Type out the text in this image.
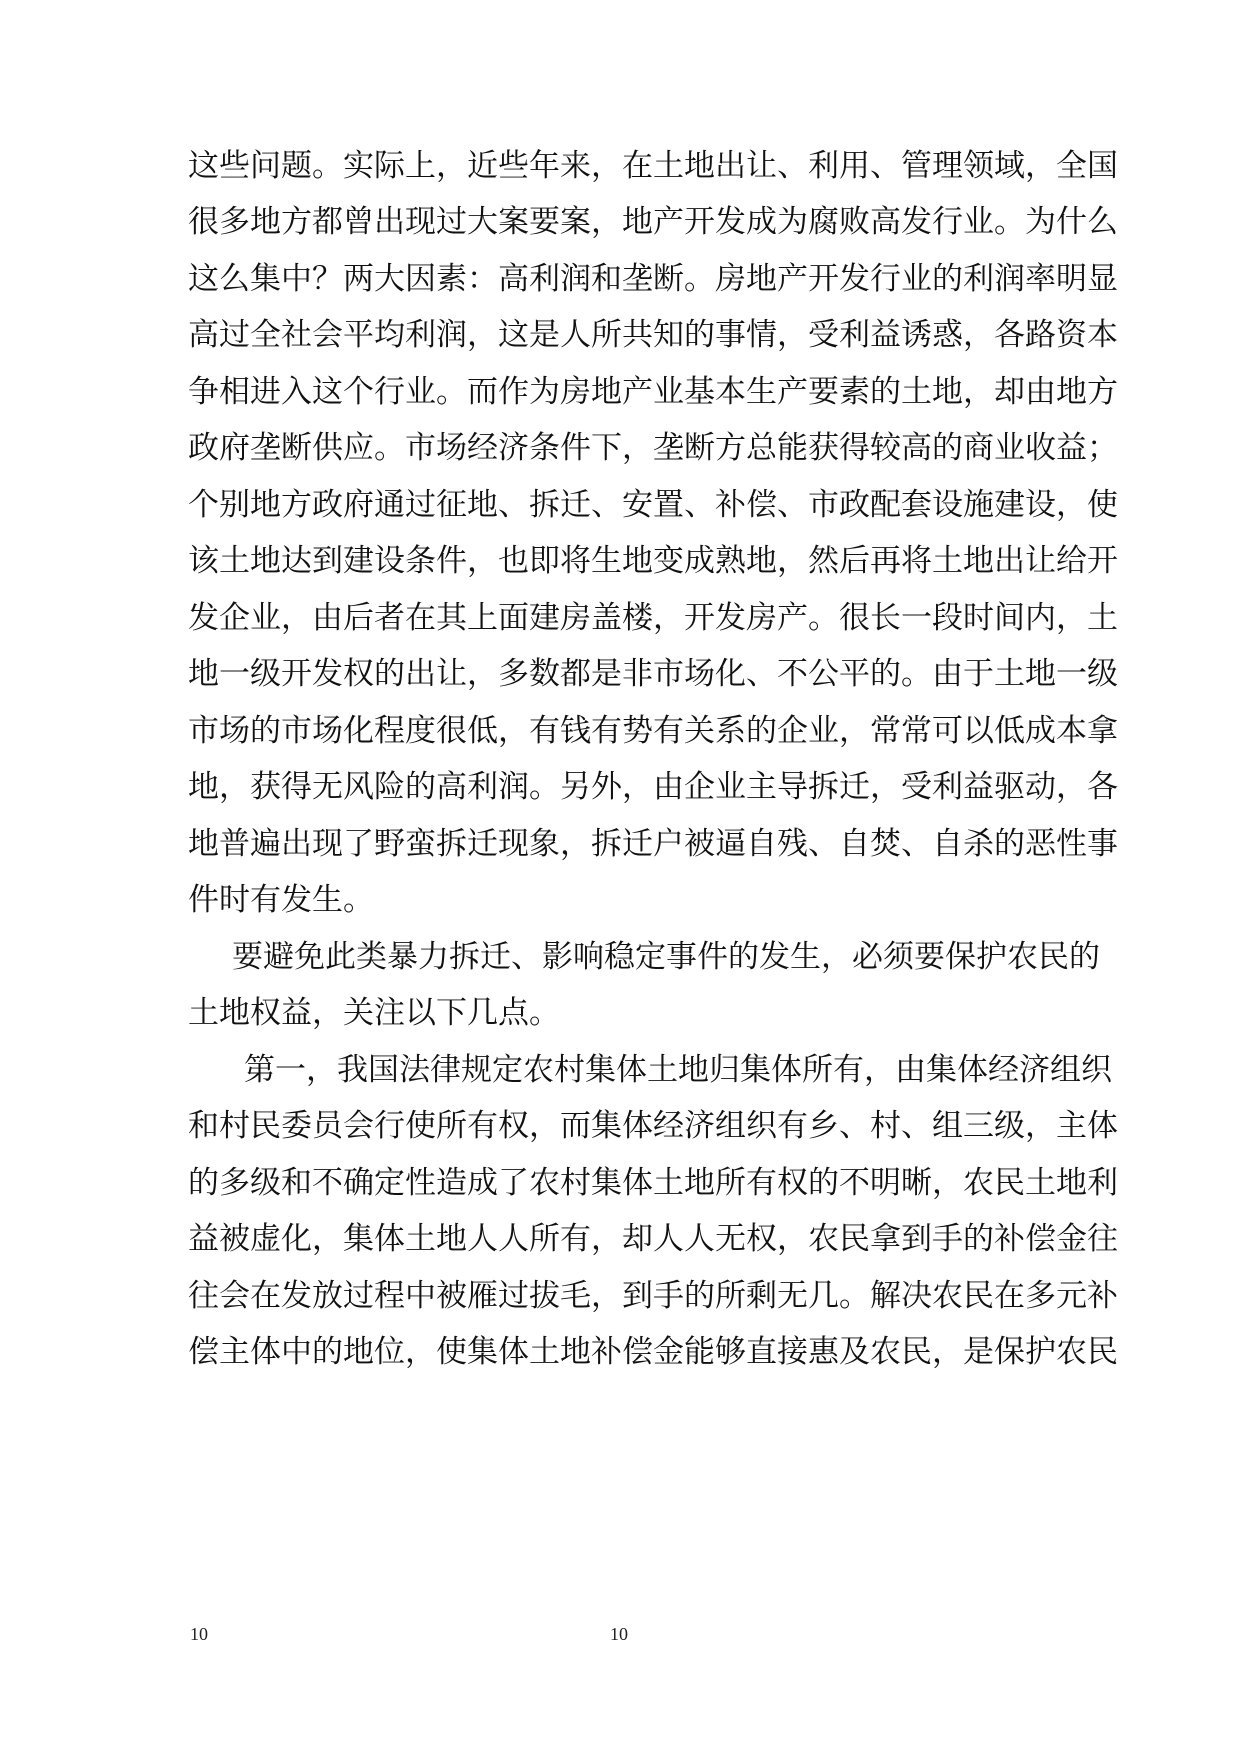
这些问题。实际上，近些年来，在土地出让、利用、管理领域，全国
很多地方都曾出现过大案要案，地产开发成为腐败高发行业。为什么
这么集中？两大因素：高利润和垄断。房地产开发行业的利润率明显
高过全社会平均利润，这是人所共知的事情，受利益诱惑，各路资本
争相进入这个行业。而作为房地产业基本生产要素的土地，却由地方
政府垄断供应。市场经济条件下，垄断方总能获得较高的商业收益；
个别地方政府通过征地、拆迁、安置、补偿、市政配套设施建设，使
该土地达到建设条件，也即将生地变成熟地，然后再将土地出让给开
发企业，由后者在其上面建房盖楼，开发房产。很长一段时间内，土
地一级开发权的出让，多数都是非市场化、不公平的。由于土地一级
市场的市场化程度很低，有钱有势有关系的企业，常常可以低成本拿
地，获得无风险的高利润。另外，由企业主导拆迁，受利益驱动，各
地普遍出现了野蛮拆迁现象，拆迁户被逼自残、自焚、自杀的恶性事
件时有发生。
要避免此类暴力拆迁、影响稳定事件的发生，必须要保护农民的
土地权益，关注以下几点。
第一，我国法律规定农村集体土地归集体所有，由集体经济组织
和村民委员会行使所有权，而集体经济组织有乡、村、组三级，主体
的多级和不确定性造成了农村集体土地所有权的不明晰，农民土地利
益被虚化，集体土地人人所有，却人人无权，农民拿到手的补偿金往
往会在发放过程中被雁过拔毛，到手的所剩无几。解决农民在多元补
偿主体中的地位，使集体土地补偿金能够直接惠及农民，是保护农民
10	10
